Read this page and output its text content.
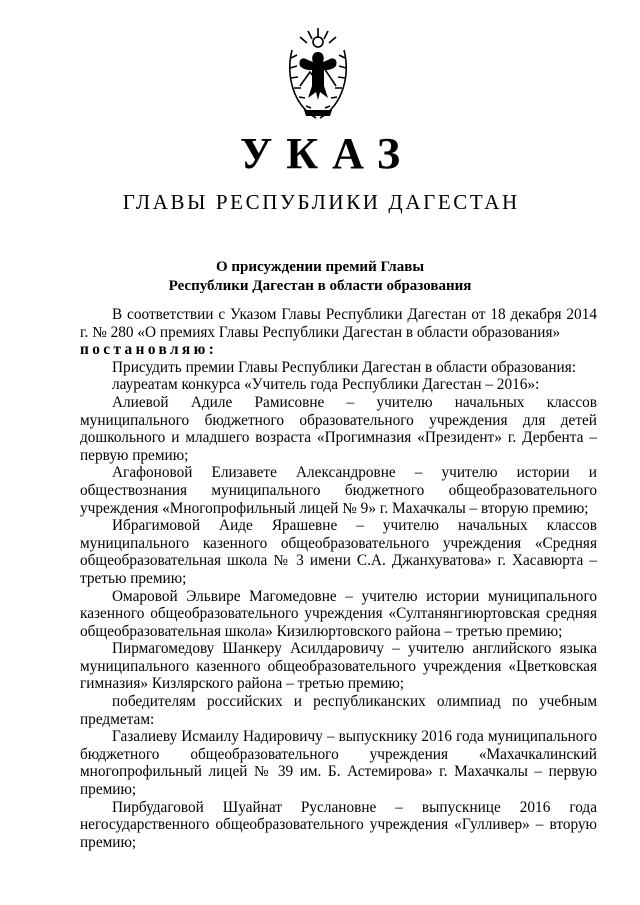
УКАЗ
ГЛАВЫ РЕСПУБЛИКИ ДАГЕСТАН
О присуждении премий Главы
Республики Дагестан в области образования

В соответствии с Указом Главы Республики Дагестан от 18 декабря 2014 г. № 280 «О премиях Главы Республики Дагестан в области образования»

постановляю:

Присудить премии Главы Республики Дагестан в области образования:

лауреатам конкурса «Учитель года Республики Дагестан – 2016»:

Алиевой Адиле Рамисовне – учителю начальных классов муниципального бюджетного образовательного учреждения для детей дошкольного и младшего возраста «Прогимназия «Президент» г. Дербента – первую премию;

Агафоновой Елизавете Александровне – учителю истории и обществознания муниципального бюджетного общеобразовательного учреждения «Многопрофильный лицей № 9» г. Махачкалы – вторую премию;

Ибрагимовой Аиде Ярашевне – учителю начальных классов муниципального казенного общеобразовательного учреждения «Средняя общеобразовательная школа № 3 имени С.А. Джанхуватова» г. Хасавюрта – третью премию;

Омаровой Эльвире Магомедовне – учителю истории муниципального казенного общеобразовательного учреждения «Султанянгиюртовская средняя общеобразовательная школа» Кизилюртовского района – третью премию;

Пирмагомедову Шанкеру Асилдаровичу – учителю английского языка муниципального казенного общеобразовательного учреждения «Цветковская гимназия» Кизлярского района – третью премию;

победителям российских и республиканских олимпиад по учебным предметам:

Газалиеву Исмаилу Надировичу – выпускнику 2016 года муниципального бюджетного общеобразовательного учреждения «Махачкалинский многопрофильный лицей № 39 им. Б. Астемирова» г. Махачкалы – первую премию;

Пирбудаговой Шуайнат Руслановне – выпускнице 2016 года негосударственного общеобразовательного учреждения «Гулливер» – вторую премию;
